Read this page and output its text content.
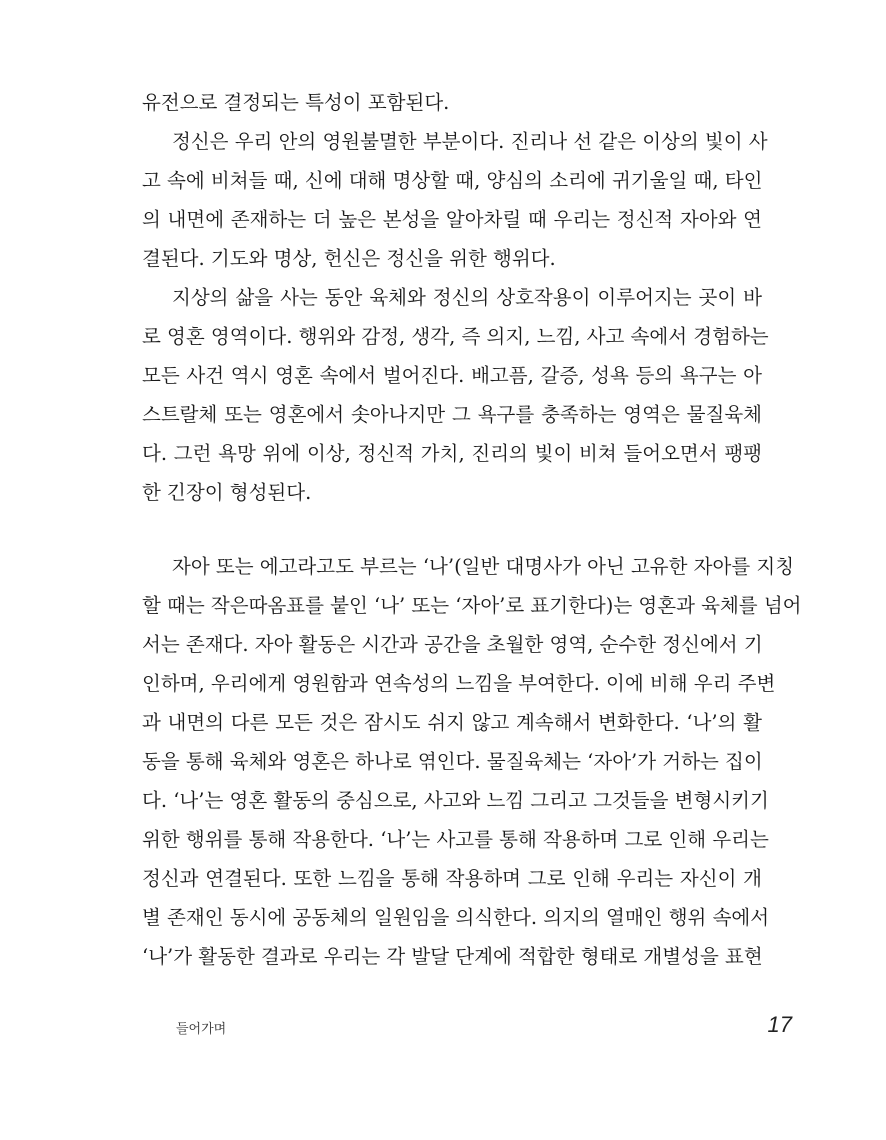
유전으로 결정되는 특성이 포함된다.
정신은 우리 안의 영원불멸한 부분이다. 진리나 선 같은 이상의 빛이 사
고 속에 비쳐들 때, 신에 대해 명상할 때, 양심의 소리에 귀기울일 때, 타인
의 내면에 존재하는 더 높은 본성을 알아차릴 때 우리는 정신적 자아와 연
결된다. 기도와 명상, 헌신은 정신을 위한 행위다.
지상의 삶을 사는 동안 육체와 정신의 상호작용이 이루어지는 곳이 바
로 영혼 영역이다. 행위와 감정, 생각, 즉 의지, 느낌, 사고 속에서 경험하는
모든 사건 역시 영혼 속에서 벌어진다. 배고픔, 갈증, 성욕 등의 욕구는 아
스트랄체 또는 영혼에서 솟아나지만 그 욕구를 충족하는 영역은 물질육체
다. 그런 욕망 위에 이상, 정신적 가치, 진리의 빛이 비쳐 들어오면서 팽팽
한 긴장이 형성된다.
자아 또는 에고라고도 부르는 ‘나’(일반 대명사가 아닌 고유한 자아를 지칭
할 때는 작은따옴표를 붙인 ‘나’ 또는 ‘자아’로 표기한다)는 영혼과 육체를 넘어
서는 존재다. 자아 활동은 시간과 공간을 초월한 영역, 순수한 정신에서 기
인하며, 우리에게 영원함과 연속성의 느낌을 부여한다. 이에 비해 우리 주변
과 내면의 다른 모든 것은 잠시도 쉬지 않고 계속해서 변화한다. ‘나’의 활
동을 통해 육체와 영혼은 하나로 엮인다. 물질육체는 ‘자아’가 거하는 집이
다. ‘나’는 영혼 활동의 중심으로, 사고와 느낌 그리고 그것들을 변형시키기
위한 행위를 통해 작용한다. ‘나’는 사고를 통해 작용하며 그로 인해 우리는
정신과 연결된다. 또한 느낌을 통해 작용하며 그로 인해 우리는 자신이 개
별 존재인 동시에 공동체의 일원임을 의식한다. 의지의 열매인 행위 속에서
‘나’가 활동한 결과로 우리는 각 발달 단계에 적합한 형태로 개별성을 표현
들어가며	17
